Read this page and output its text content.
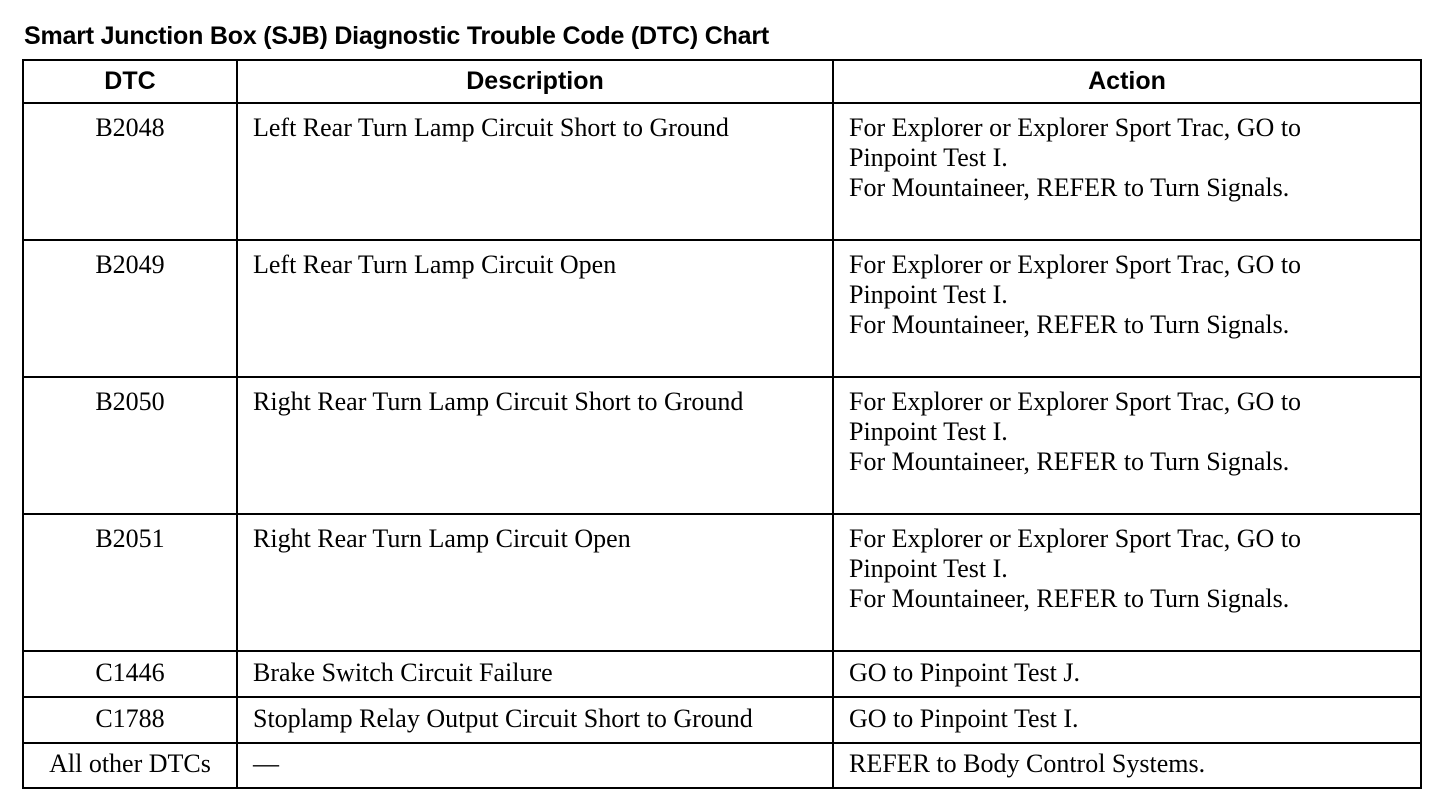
Smart Junction Box (SJB) Diagnostic Trouble Code (DTC) Chart
DTC	Description	Action

B2048	Left Rear Turn Lamp Circuit Short to Ground	For Explorer or Explorer Sport Trac, GO to
Pinpoint Test I.
For Mountaineer, REFER to Turn Signals.

B2049	Left Rear Turn Lamp Circuit Open	For Explorer or Explorer Sport Trac, GO to
Pinpoint Test I.
For Mountaineer, REFER to Turn Signals.

B2050	Right Rear Turn Lamp Circuit Short to Ground	For Explorer or Explorer Sport Trac, GO to
Pinpoint Test I.
For Mountaineer, REFER to Turn Signals.

B2051	Right Rear Turn Lamp Circuit Open	For Explorer or Explorer Sport Trac, GO to
Pinpoint Test I.
For Mountaineer, REFER to Turn Signals.

C1446	Brake Switch Circuit Failure	GO to Pinpoint Test J.

C1788	Stoplamp Relay Output Circuit Short to Ground	GO to Pinpoint Test I.

All other DTCs	—	REFER to Body Control Systems.
